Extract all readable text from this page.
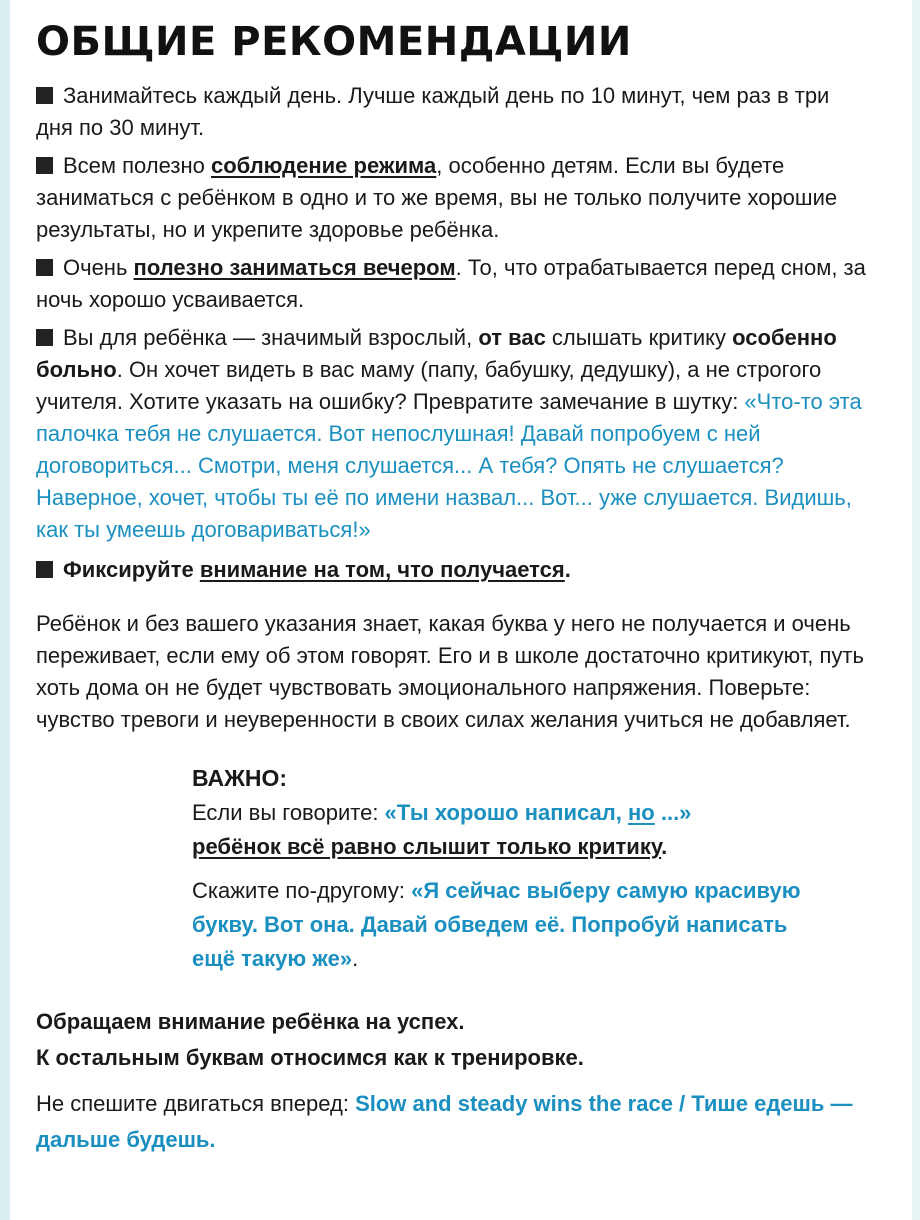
ОБЩИЕ РЕКОМЕНДАЦИИ

Занимайтесь каждый день. Лучше каждый день по 10 минут, чем раз в три дня по 30 минут.

Всем полезно соблюдение режима, особенно детям. Если вы будете заниматься с ребёнком в одно и то же время, вы не только получите хорошие результаты, но и укрепите здоровье ребёнка.

Очень полезно заниматься вечером. То, что отрабатывается перед сном, за ночь хорошо усваивается.

Вы для ребёнка — значимый взрослый, от вас слышать критику особенно больно. Он хочет видеть в вас маму (папу, бабушку, дедушку), а не строгого учителя. Хотите указать на ошибку? Превратите замечание в шутку: «Что-то эта палочка тебя не слушается. Вот непослушная! Давай попробуем с ней договориться... Смотри, меня слушается... А тебя? Опять не слушается? Наверное, хочет, чтобы ты её по имени назвал... Вот... уже слушается. Видишь, как ты умеешь договариваться!»

Фиксируйте внимание на том, что получается.

Ребёнок и без вашего указания знает, какая буква у него не получается и очень переживает, если ему об этом говорят. Его и в школе достаточно критикуют, путь хоть дома он не будет чувствовать эмоционального напряжения. Поверьте: чувство тревоги и неуверенности в своих силах желания учиться не добавляет.

ВАЖНО:

Если вы говорите: «Ты хорошо написал, но ...»

ребёнок всё равно слышит только критику.

Скажите по-другому: «Я сейчас выберу самую красивую букву. Вот она. Давай обведем её. Попробуй написать ещё такую же».

Обращаем внимание ребёнка на успех.

К остальным буквам относимся как к тренировке.

Не спешите двигаться вперед: Slow and steady wins the race / Тише едешь — дальше будешь.
